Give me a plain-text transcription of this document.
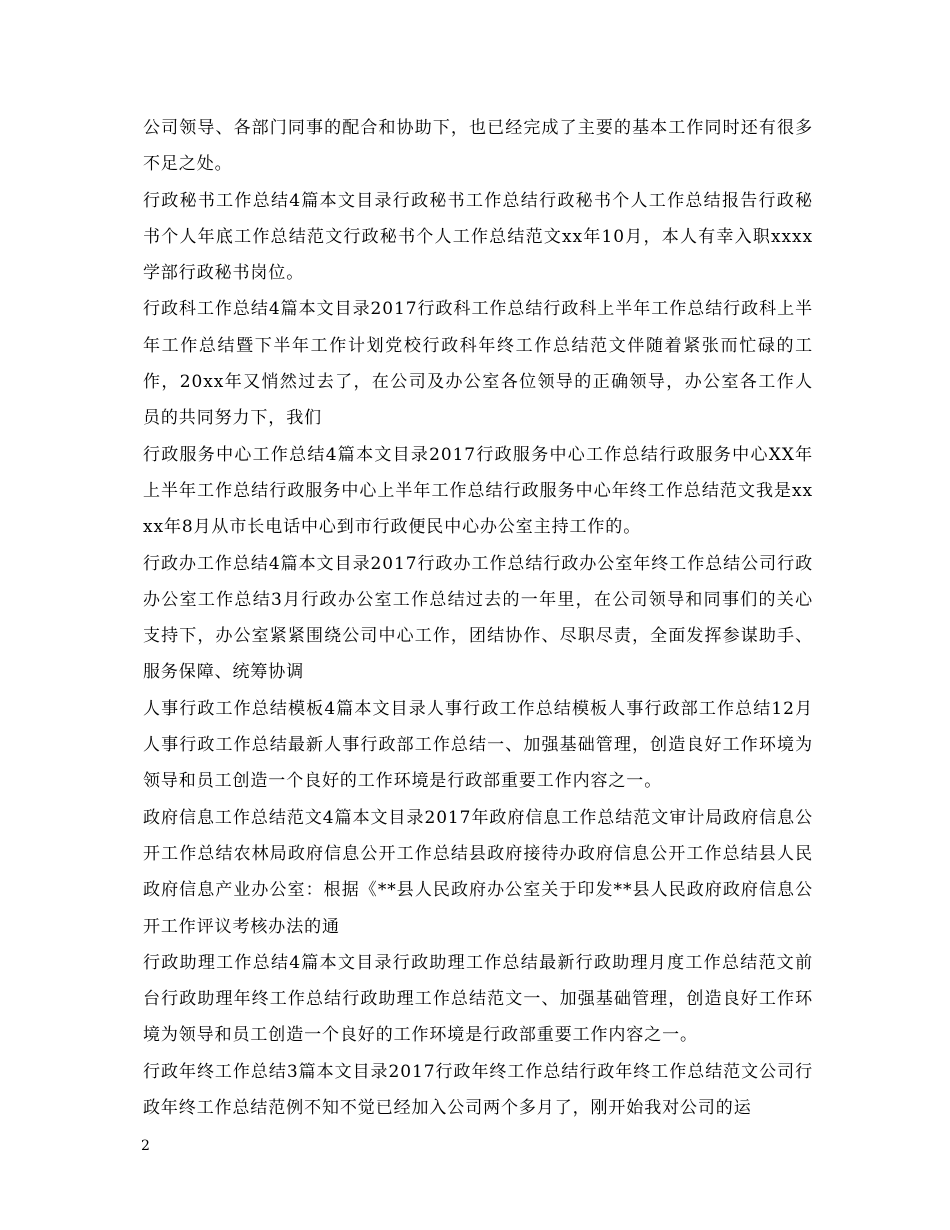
公司领导、各部门同事的配合和协助下，也已经完成了主要的基本工作同时还有很多不足之处。

行政秘书工作总结4篇本文目录行政秘书工作总结行政秘书个人工作总结报告行政秘书个人年底工作总结范文行政秘书个人工作总结范文xx年10月，本人有幸入职xxxx学部行政秘书岗位。

行政科工作总结4篇本文目录2017行政科工作总结行政科上半年工作总结行政科上半年工作总结暨下半年工作计划党校行政科年终工作总结范文伴随着紧张而忙碌的工作，20xx年又悄然过去了，在公司及办公室各位领导的正确领导，办公室各工作人员的共同努力下，我们

行政服务中心工作总结4篇本文目录2017行政服务中心工作总结行政服务中心XX年上半年工作总结行政服务中心上半年工作总结行政服务中心年终工作总结范文我是xxxx年8月从市长电话中心到市行政便民中心办公室主持工作的。

行政办工作总结4篇本文目录2017行政办工作总结行政办公室年终工作总结公司行政办公室工作总结3月行政办公室工作总结过去的一年里，在公司领导和同事们的关心支持下，办公室紧紧围绕公司中心工作，团结协作、尽职尽责，全面发挥参谋助手、服务保障、统筹协调

人事行政工作总结模板4篇本文目录人事行政工作总结模板人事行政部工作总结12月人事行政工作总结最新人事行政部工作总结一、加强基础管理，创造良好工作环境为领导和员工创造一个良好的工作环境是行政部重要工作内容之一。

政府信息工作总结范文4篇本文目录2017年政府信息工作总结范文审计局政府信息公开工作总结农林局政府信息公开工作总结县政府接待办政府信息公开工作总结县人民政府信息产业办公室：根据《**县人民政府办公室关于印发**县人民政府政府信息公开工作评议考核办法的通

行政助理工作总结4篇本文目录行政助理工作总结最新行政助理月度工作总结范文前台行政助理年终工作总结行政助理工作总结范文一、加强基础管理，创造良好工作环境为领导和员工创造一个良好的工作环境是行政部重要工作内容之一。

行政年终工作总结3篇本文目录2017行政年终工作总结行政年终工作总结范文公司行政年终工作总结范例不知不觉已经加入公司两个多月了，刚开始我对公司的运

2
